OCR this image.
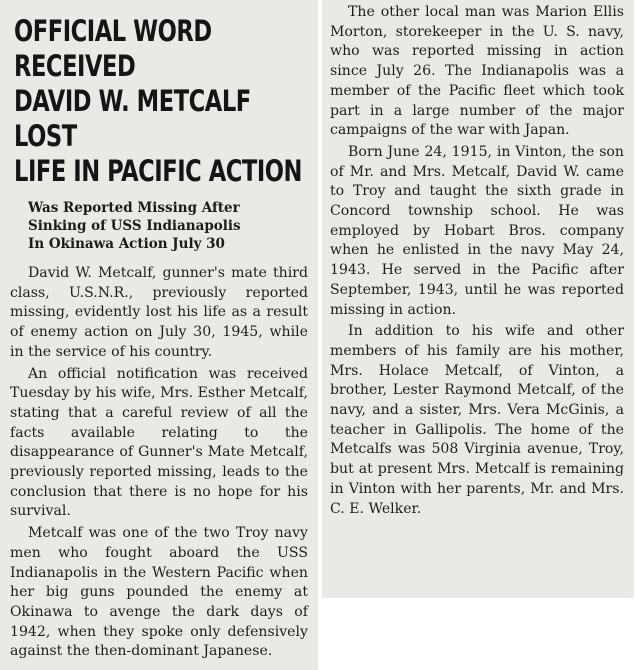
OFFICIAL WORD RECEIVED
DAVID W. METCALF LOST
LIFE IN PACIFIC ACTION
Was Reported Missing After
Sinking of USS Indianapolis
In Okinawa Action July 30

David W. Metcalf, gunner's mate third class, U.S.N.R., previously reported missing, evidently lost his life as a result of enemy action on July 30, 1945, while in the service of his country.

An official notification was received Tuesday by his wife, Mrs. Esther Metcalf, stating that a careful review of all the facts available relating to the disappearance of Gunner's Mate Metcalf, previously reported missing, leads to the conclusion that there is no hope for his survival.

Metcalf was one of the two Troy navy men who fought aboard the USS Indianapolis in the Western Pacific when her big guns pounded the enemy at Okinawa to avenge the dark days of 1942, when they spoke only defensively against the then-dominant Japanese.

The other local man was Marion Ellis Morton, storekeeper in the U. S. navy, who was reported missing in action since July 26. The Indianapolis was a member of the Pacific fleet which took part in a large number of the major campaigns of the war with Japan.

Born June 24, 1915, in Vinton, the son of Mr. and Mrs. Metcalf, David W. came to Troy and taught the sixth grade in Concord township school. He was employed by Hobart Bros. company when he enlisted in the navy May 24, 1943. He served in the Pacific after September, 1943, until he was reported missing in action.

In addition to his wife and other members of his family are his mother, Mrs. Holace Metcalf, of Vinton, a brother, Lester Raymond Metcalf, of the navy, and a sister, Mrs. Vera McGinis, a teacher in Gallipolis. The home of the Metcalfs was 508 Virginia avenue, Troy, but at present Mrs. Metcalf is remaining in Vinton with her parents, Mr. and Mrs. C. E. Welker.
